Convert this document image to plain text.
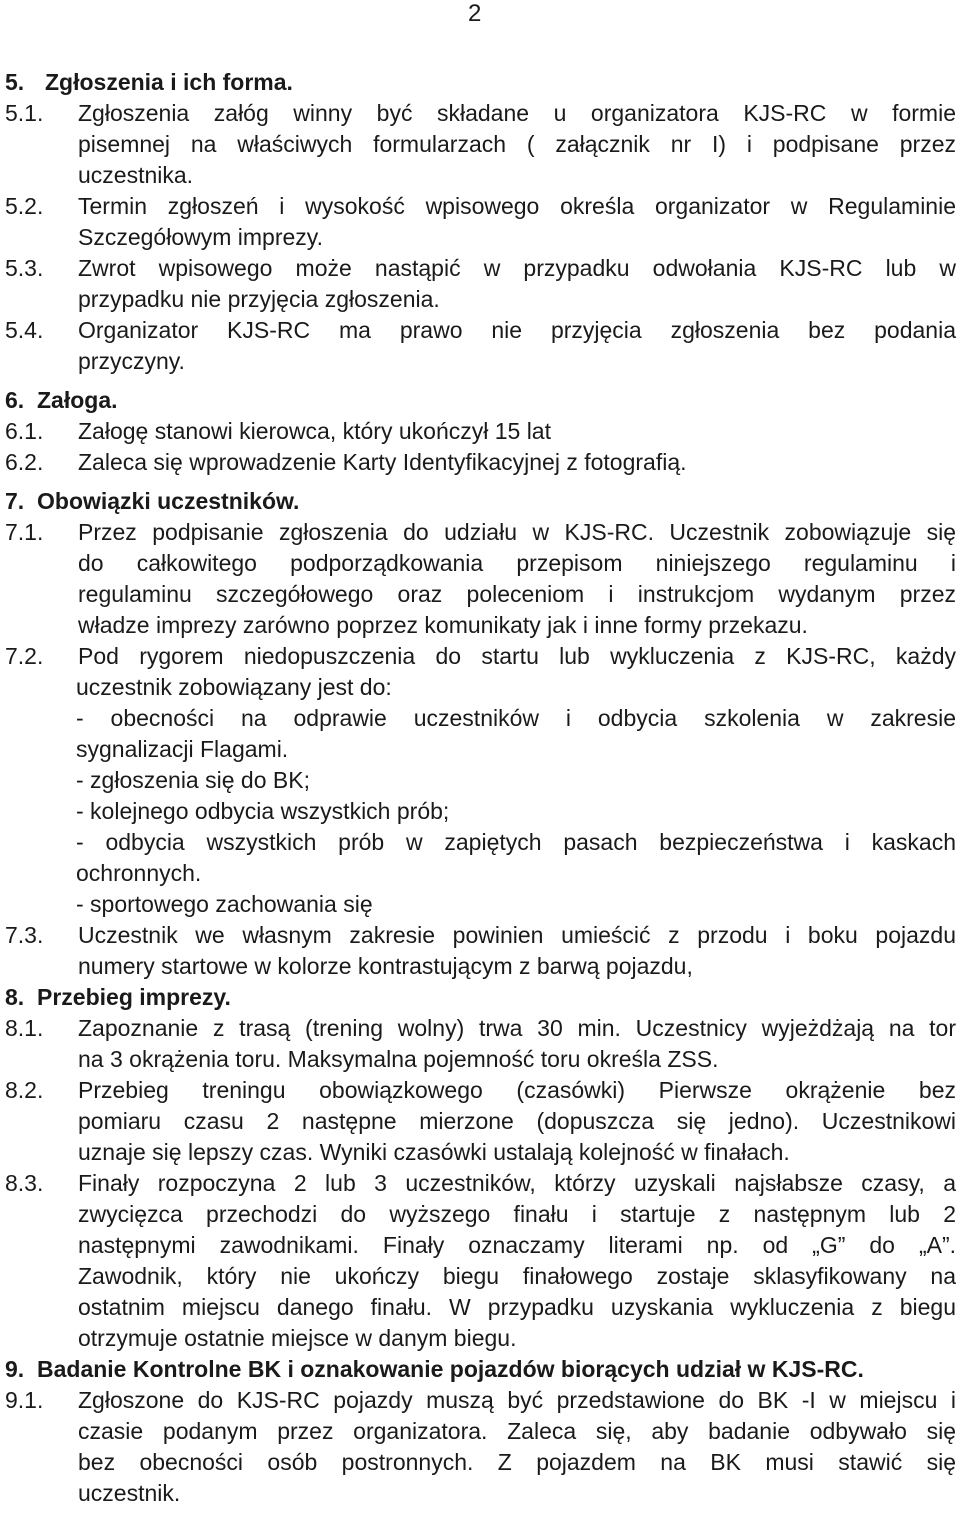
2
5. Zgłoszenia i ich forma.
5.1. Zgłoszenia załóg winny być składane u organizatora KJS-RC w formie
pisemnej na właściwych formularzach ( załącznik nr I) i podpisane przez
uczestnika.
5.2. Termin zgłoszeń i wysokość wpisowego określa organizator w Regulaminie
Szczegółowym imprezy.
5.3. Zwrot wpisowego może nastąpić w przypadku odwołania KJS-RC lub w
przypadku nie przyjęcia zgłoszenia.
5.4. Organizator KJS-RC ma prawo nie przyjęcia zgłoszenia bez podania
przyczyny.
6. Załoga.
6.1. Załogę stanowi kierowca, który ukończył 15 lat
6.2. Zaleca się wprowadzenie Karty Identyfikacyjnej z fotografią.
7. Obowiązki uczestników.
7.1. Przez podpisanie zgłoszenia do udziału w KJS-RC. Uczestnik zobowiązuje się
do całkowitego podporządkowania przepisom niniejszego regulaminu i
regulaminu szczegółowego oraz poleceniom i instrukcjom wydanym przez
władze imprezy zarówno poprzez komunikaty jak i inne formy przekazu.
7.2. Pod rygorem niedopuszczenia do startu lub wykluczenia z KJS-RC, każdy
uczestnik zobowiązany jest do:
- obecności na odprawie uczestników i odbycia szkolenia w zakresie
sygnalizacji Flagami.
- zgłoszenia się do BK;
- kolejnego odbycia wszystkich prób;
- odbycia wszystkich prób w zapiętych pasach bezpieczeństwa i kaskach
ochronnych.
- sportowego zachowania się
7.3. Uczestnik we własnym zakresie powinien umieścić z przodu i boku pojazdu
numery startowe w kolorze kontrastującym z barwą pojazdu,
8. Przebieg imprezy.
8.1. Zapoznanie z trasą (trening wolny) trwa 30 min. Uczestnicy wyjeżdżają na tor
na 3 okrążenia toru. Maksymalna pojemność toru określa ZSS.
8.2. Przebieg treningu obowiązkowego (czasówki) Pierwsze okrążenie bez
pomiaru czasu 2 następne mierzone (dopuszcza się jedno). Uczestnikowi
uznaje się lepszy czas. Wyniki czasówki ustalają kolejność w finałach.
8.3. Finały rozpoczyna 2 lub 3 uczestników, którzy uzyskali najsłabsze czasy, a
zwycięzca przechodzi do wyższego finału i startuje z następnym lub 2
następnymi zawodnikami. Finały oznaczamy literami np. od „G” do „A”.
Zawodnik, który nie ukończy biegu finałowego zostaje sklasyfikowany na
ostatnim miejscu danego finału. W przypadku uzyskania wykluczenia z biegu
otrzymuje ostatnie miejsce w danym biegu.
9. Badanie Kontrolne BK i oznakowanie pojazdów biorących udział w KJS-RC.
9.1. Zgłoszone do KJS-RC pojazdy muszą być przedstawione do BK -I w miejscu i
czasie podanym przez organizatora. Zaleca się, aby badanie odbywało się
bez obecności osób postronnych. Z pojazdem na BK musi stawić się
uczestnik.
